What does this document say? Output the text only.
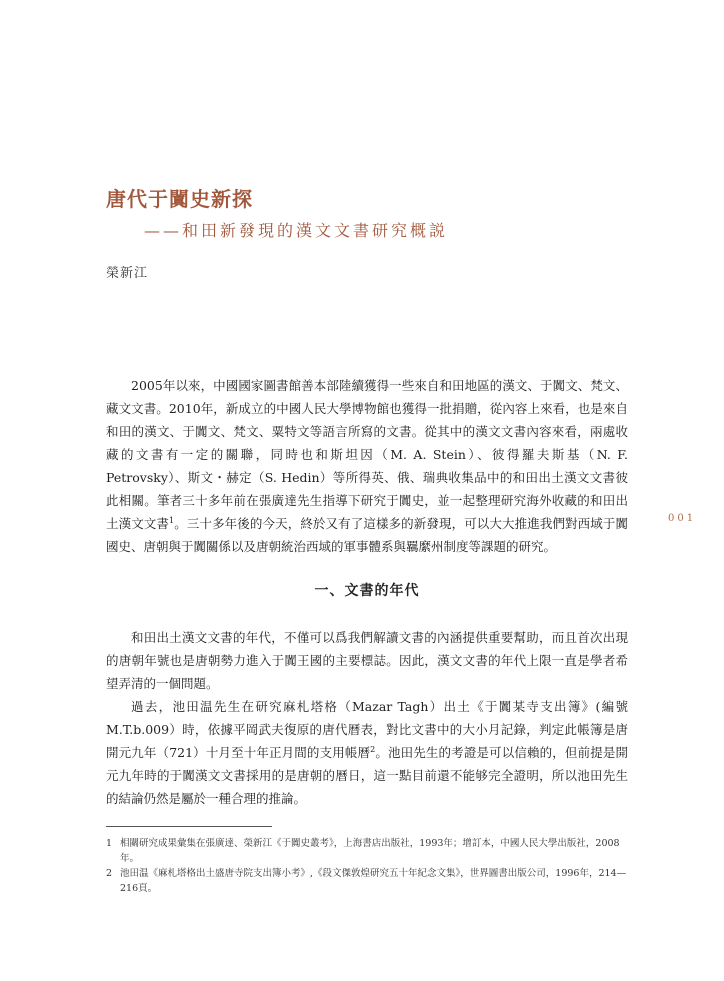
唐代于闐史新探
——和田新發現的漢文文書研究概説
榮新江

2005年以來，中國國家圖書館善本部陸續獲得一些來自和田地區的漢文、于闐文、梵文、藏文文書。2010年，新成立的中國人民大學博物館也獲得一批捐贈，從內容上來看，也是來自和田的漢文、于闐文、梵文、粟特文等語言所寫的文書。從其中的漢文文書內容來看，兩處收藏的文書有一定的關聯，同時也和斯坦因（M. A. Stein）、彼得羅夫斯基（N. F. Petrovsky）、斯文・赫定（S. Hedin）等所得英、俄、瑞典收集品中的和田出土漢文文書彼此相關。筆者三十多年前在張廣達先生指導下研究于闐史，並一起整理研究海外收藏的和田出土漢文文書$^1$。三十多年後的今天，終於又有了這樣多的新發現，可以大大推進我們對西域于闐國史、唐朝與于闐關係以及唐朝統治西域的軍事體系與羈縻州制度等課題的研究。

001
一、文書的年代

和田出土漢文文書的年代，不僅可以爲我們解讀文書的內涵提供重要幫助，而且首次出現的唐朝年號也是唐朝勢力進入于闐王國的主要標誌。因此，漢文文書的年代上限一直是學者希望弄清的一個問題。

過去，池田温先生在研究麻札塔格（Mazar Tagh）出土《于闐某寺支出簿》(編號M.T.b.009）時，依據平岡武夫復原的唐代曆表，對比文書中的大小月記錄，判定此帳簿是唐開元九年（721）十月至十年正月間的支用帳曆$^2$。池田先生的考證是可以信賴的，但前提是開元九年時的于闐漢文文書採用的是唐朝的曆日，這一點目前還不能够完全證明，所以池田先生的結論仍然是屬於一種合理的推論。

1 相關研究成果彙集在張廣達、榮新江《于闐史叢考》，上海書店出版社，1993年；增訂本，中國人民大學出版社，2008年。
2 池田温《麻札塔格出土盛唐寺院支出簿小考》,《段文傑敦煌研究五十年紀念文集》，世界圖書出版公司，1996年，214—216頁。
